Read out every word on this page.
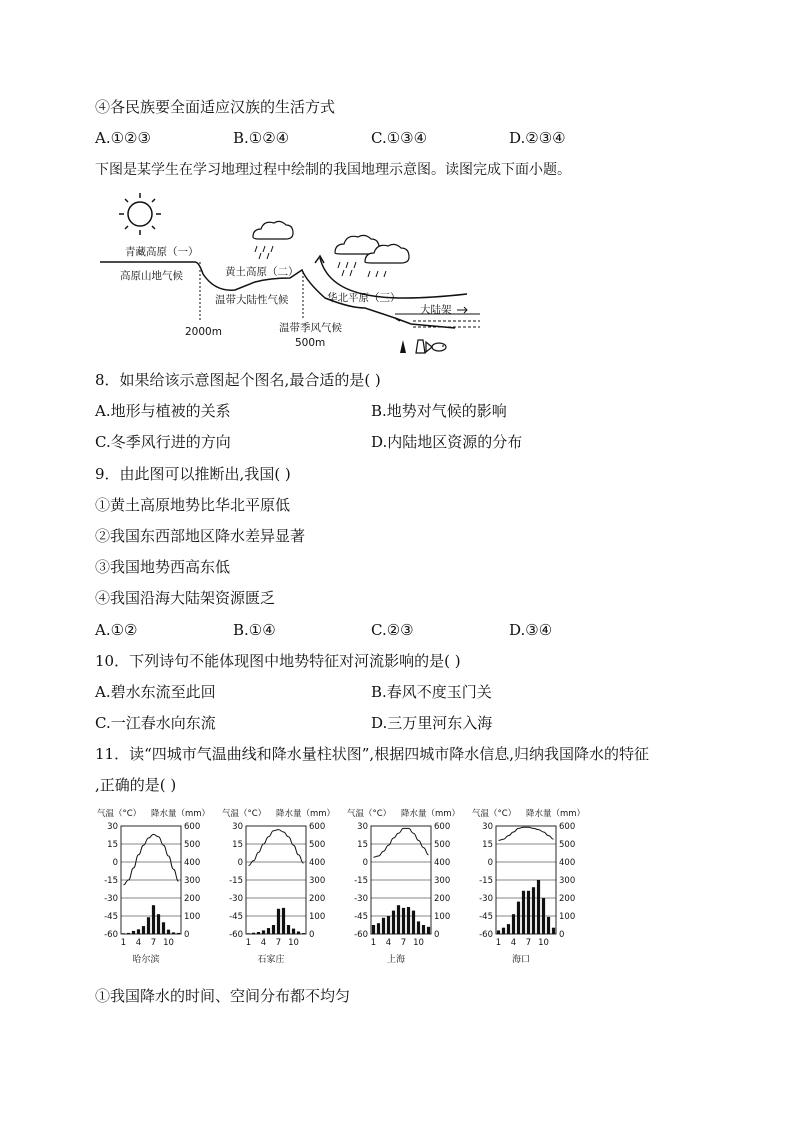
④各民族要全面适应汉族的生活方式
A.①②③	B.①②④	C.①③④	D.②③④
下图是某学生在学习地理过程中绘制的我国地理示意图。读图完成下面小题。
青藏高原（一）
高原山地气候	黄土高原（二）
温带大陆性气候	华北平原（三）
大陆架
温带季风气候
500m
2000m
8．如果给该示意图起个图名,最合适的是( )
A.地形与植被的关系	B.地势对气候的影响
C.冬季风行进的方向	D.内陆地区资源的分布
9．由此图可以推断出,我国( )
①黄土高原地势比华北平原低
②我国东西部地区降水差异显著
③我国地势西高东低
④我国沿海大陆架资源匮乏
A.①②	B.①④	C.②③	D.③④
10．下列诗句不能体现图中地势特征对河流影响的是( )
A.碧水东流至此回	B.春风不度玉门关
C.一江春水向东流	D.三万里河东入海
11．读“四城市气温曲线和降水量柱状图”,根据四城市降水信息,归纳我国降水的特征
,正确的是( )
气温（°C） 降水量（mm）
30
15
0
-15
-30
-45
-60
600
500
400
300
200
100
0
1 4 7 10
哈尔滨
气温（°C） 降水量（mm）
30
15
0
-15
-30
-45
-60
600
500
400
300
200
100
0
1 4 7 10
石家庄
气温（°C） 降水量（mm）
30
15
0
-15
-30
-45
-60
600
500
400
300
200
100
0
1 4 7 10
上海
气温（°C） 降水量（mm）
30
15
0
-15
-30
-45
-60
600
500
400
300
200
100
0
1 4 7 10
海口
①我国降水的时间、空间分布都不均匀
